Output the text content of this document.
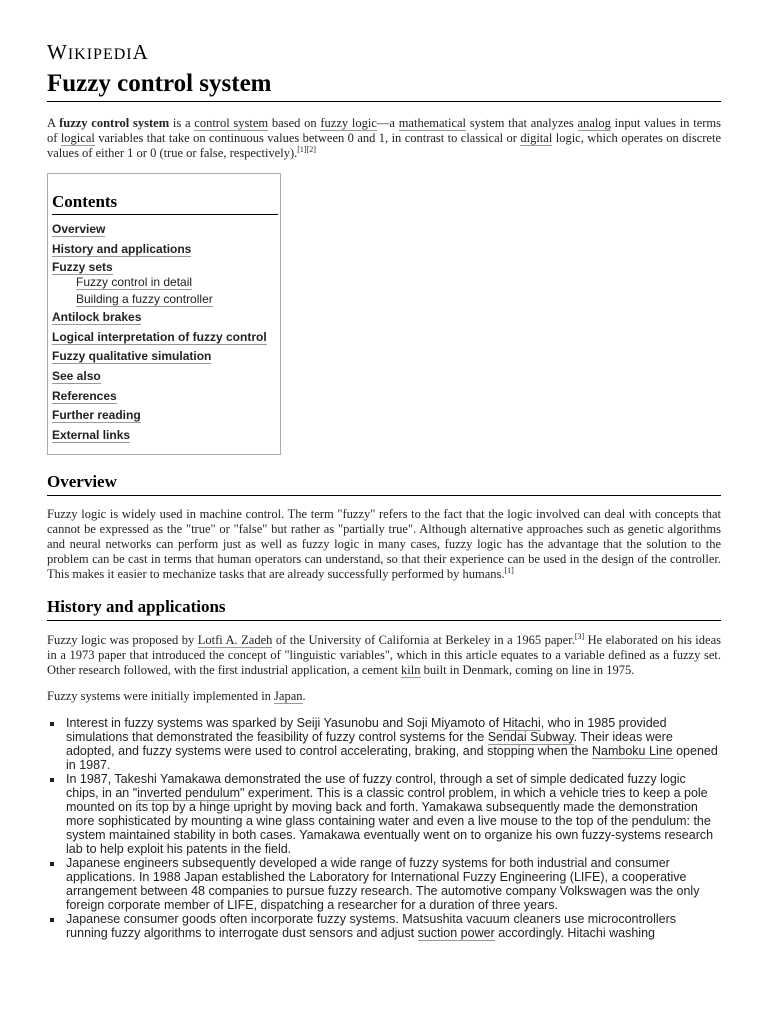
WIKIPEDIA
Fuzzy control system

A fuzzy control system is a control system based on fuzzy logic—a mathematical system that analyzes analog input values in terms of logical variables that take on continuous values between 0 and 1, in contrast to classical or digital logic, which operates on discrete values of either 1 or 0 (true or false, respectively).[1][2]

Contents
Overview
History and applications
Fuzzy sets
Fuzzy control in detail
Building a fuzzy controller
Antilock brakes
Logical interpretation of fuzzy control
Fuzzy qualitative simulation
See also
References
Further reading
External links
Overview

Fuzzy logic is widely used in machine control. The term "fuzzy" refers to the fact that the logic involved can deal with concepts that cannot be expressed as the "true" or "false" but rather as "partially true". Although alternative approaches such as genetic algorithms and neural networks can perform just as well as fuzzy logic in many cases, fuzzy logic has the advantage that the solution to the problem can be cast in terms that human operators can understand, so that their experience can be used in the design of the controller. This makes it easier to mechanize tasks that are already successfully performed by humans.[1]

History and applications

Fuzzy logic was proposed by Lotfi A. Zadeh of the University of California at Berkeley in a 1965 paper.[3] He elaborated on his ideas in a 1973 paper that introduced the concept of "linguistic variables", which in this article equates to a variable defined as a fuzzy set. Other research followed, with the first industrial application, a cement kiln built in Denmark, coming on line in 1975.

Fuzzy systems were initially implemented in Japan.

Interest in fuzzy systems was sparked by Seiji Yasunobu and Soji Miyamoto of Hitachi, who in 1985 provided simulations that demonstrated the feasibility of fuzzy control systems for the Sendai Subway. Their ideas were adopted, and fuzzy systems were used to control accelerating, braking, and stopping when the Namboku Line opened in 1987.
In 1987, Takeshi Yamakawa demonstrated the use of fuzzy control, through a set of simple dedicated fuzzy logic chips, in an "inverted pendulum" experiment. This is a classic control problem, in which a vehicle tries to keep a pole mounted on its top by a hinge upright by moving back and forth. Yamakawa subsequently made the demonstration more sophisticated by mounting a wine glass containing water and even a live mouse to the top of the pendulum: the system maintained stability in both cases. Yamakawa eventually went on to organize his own fuzzy-systems research lab to help exploit his patents in the field.
Japanese engineers subsequently developed a wide range of fuzzy systems for both industrial and consumer applications. In 1988 Japan established the Laboratory for International Fuzzy Engineering (LIFE), a cooperative arrangement between 48 companies to pursue fuzzy research. The automotive company Volkswagen was the only foreign corporate member of LIFE, dispatching a researcher for a duration of three years.
Japanese consumer goods often incorporate fuzzy systems. Matsushita vacuum cleaners use microcontrollers running fuzzy algorithms to interrogate dust sensors and adjust suction power accordingly. Hitachi washing
